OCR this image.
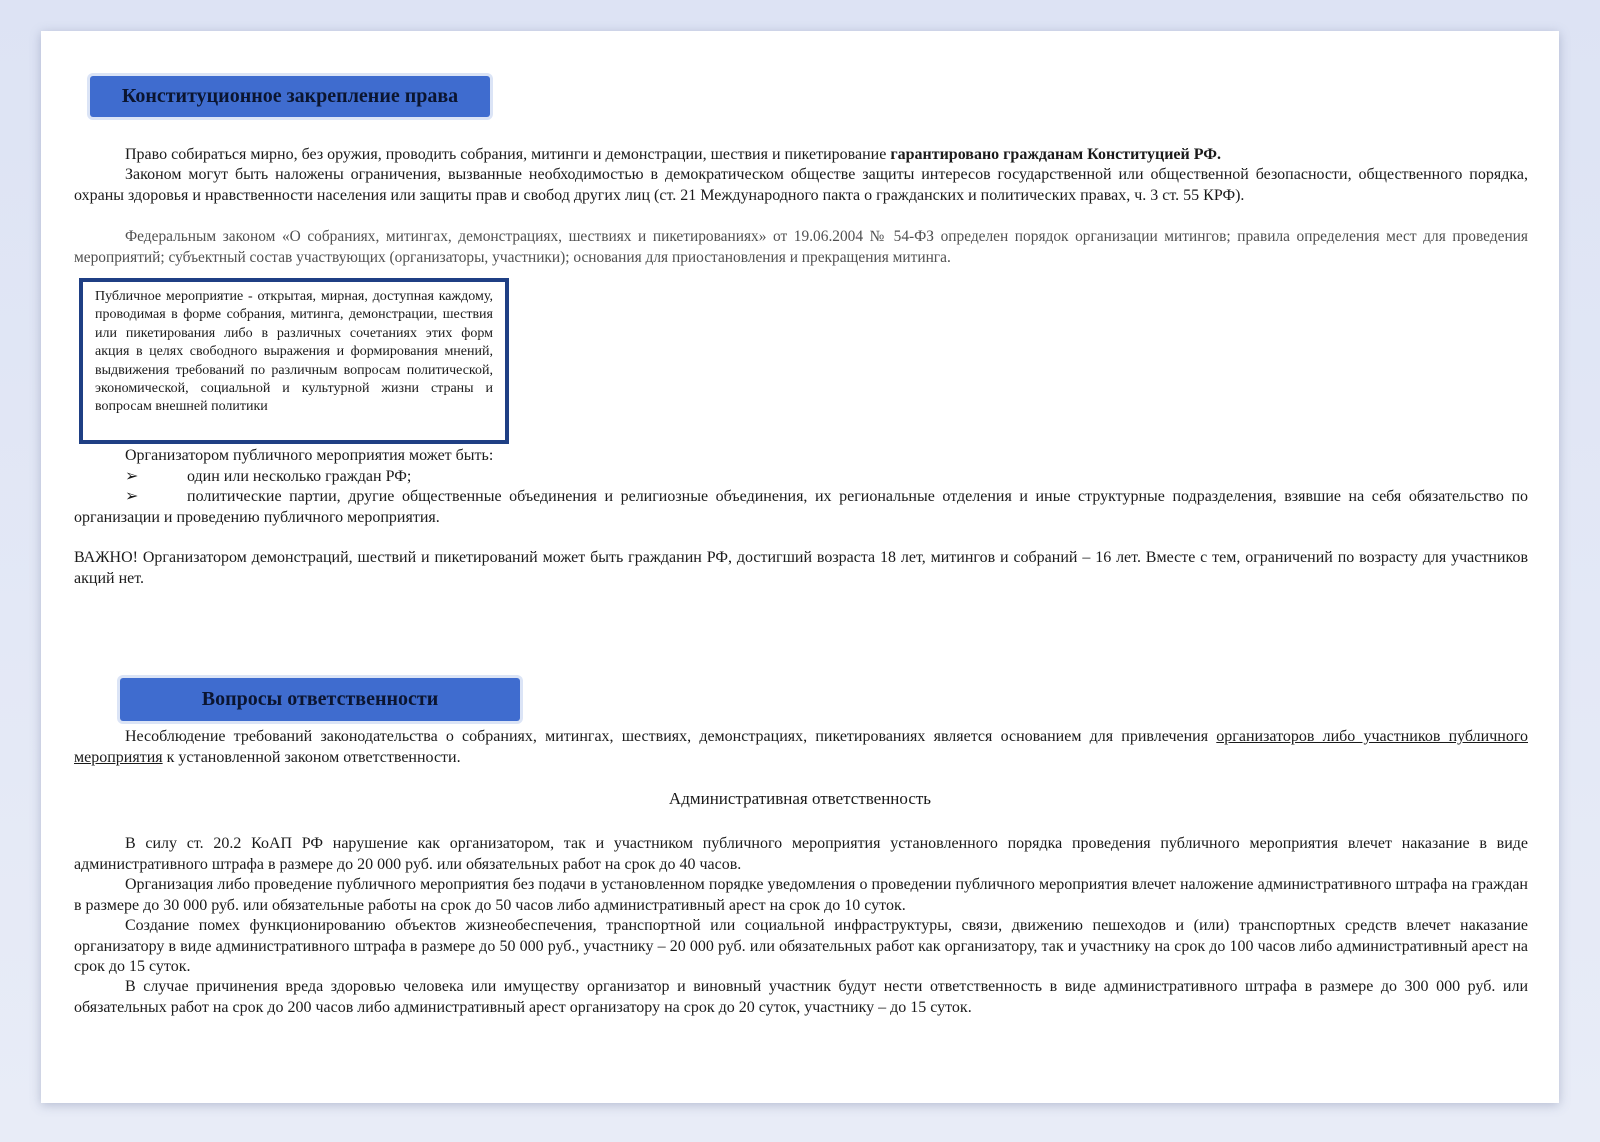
Конституционное закрепление права

Право собираться мирно, без оружия, проводить собрания, митинги и демонстрации, шествия и пикетирование гарантировано гражданам Конституцией РФ.

Законом могут быть наложены ограничения, вызванные необходимостью в демократическом обществе защиты интересов государственной или общественной безопасности, общественного порядка, охраны здоровья и нравственности населения или защиты прав и свобод других лиц (ст. 21 Международного пакта о гражданских и политических правах, ч. 3 ст. 55 КРФ).

Федеральным законом «О собраниях, митингах, демонстрациях, шествиях и пикетированиях» от 19.06.2004 № 54-ФЗ определен порядок организации митингов; правила определения мест для проведения мероприятий; субъектный состав участвующих (организаторы, участники); основания для приостановления и прекращения митинга.

Публичное мероприятие - открытая, мирная, доступная каждому, проводимая в форме собрания, митинга, демонстрации, шествия или пикетирования либо в различных сочетаниях этих форм акция в целях свободного выражения и формирования мнений, выдвижения требований по различным вопросам политической, экономической, социальной и культурной жизни страны и вопросам внешней политики

Организатором публичного мероприятия может быть:

➢	один или несколько граждан РФ;
➢	политические партии, другие общественные объединения и религиозные объединения, их региональные отделения и иные структурные подразделения, взявшие на себя обязательство по организации и проведению публичного мероприятия.

ВАЖНО! Организатором демонстраций, шествий и пикетирований может быть гражданин РФ, достигший возраста 18 лет, митингов и собраний – 16 лет. Вместе с тем, ограничений по возрасту для участников акций нет.

Вопросы ответственности

Несоблюдение требований законодательства о собраниях, митингах, шествиях, демонстрациях, пикетированиях является основанием для привлечения организаторов либо участников публичного мероприятия к установленной законом ответственности.

Административная ответственность

В силу ст. 20.2 КоАП РФ нарушение как организатором, так и участником публичного мероприятия установленного порядка проведения публичного мероприятия влечет наказание в виде административного штрафа в размере до 20 000 руб. или обязательных работ на срок до 40 часов.

Организация либо проведение публичного мероприятия без подачи в установленном порядке уведомления о проведении публичного мероприятия влечет наложение административного штрафа на граждан в размере до 30 000 руб. или обязательные работы на срок до 50 часов либо административный арест на срок до 10 суток.

Создание помех функционированию объектов жизнеобеспечения, транспортной или социальной инфраструктуры, связи, движению пешеходов и (или) транспортных средств влечет наказание организатору в виде административного штрафа в размере до 50 000 руб., участнику – 20 000 руб. или обязательных работ как организатору, так и участнику на срок до 100 часов либо административный арест на срок до 15 суток.

В случае причинения вреда здоровью человека или имуществу организатор и виновный участник будут нести ответственность в виде административного штрафа в размере до 300 000 руб. или обязательных работ на срок до 200 часов либо административный арест организатору на срок до 20 суток, участнику – до 15 суток.
